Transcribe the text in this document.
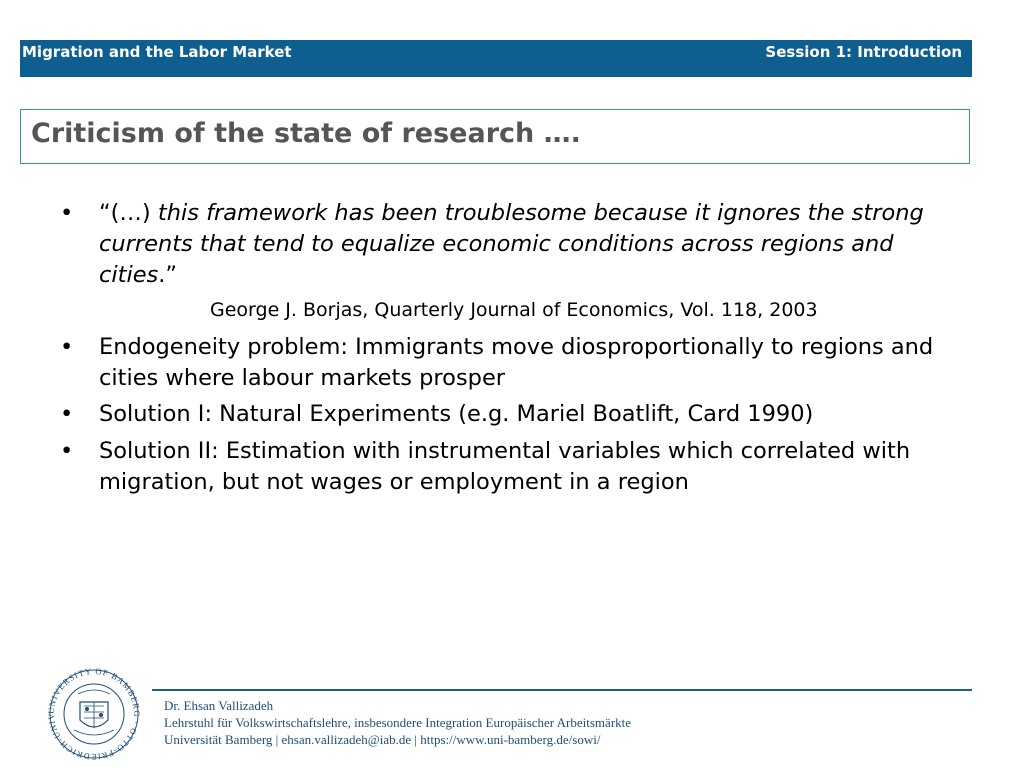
Migration and the Labor Market	Session 1: Introduction
Criticism of the state of research ….
• “(…) this framework has been troublesome because it ignores the strong currents that tend to equalize economic conditions across regions and cities.”
George J. Borjas, Quarterly Journal of Economics, Vol. 118, 2003
• Endogeneity problem: Immigrants move diosproportionally to regions and cities where labour markets prosper
• Solution I: Natural Experiments (e.g. Mariel Boatlift, Card 1990)
• Solution II: Estimation with instrumental variables which correlated with migration, but not wages or employment in a region
UNIVERSITY OF BAMBERG · OTTO-FRIEDRICH-UNIV
Dr. Ehsan Vallizadeh
Lehrstuhl für Volkswirtschaftslehre, insbesondere Integration Europäischer Arbeitsmärkte
Universität Bamberg | ehsan.vallizadeh@iab.de | https://www.uni-bamberg.de/sowi/
